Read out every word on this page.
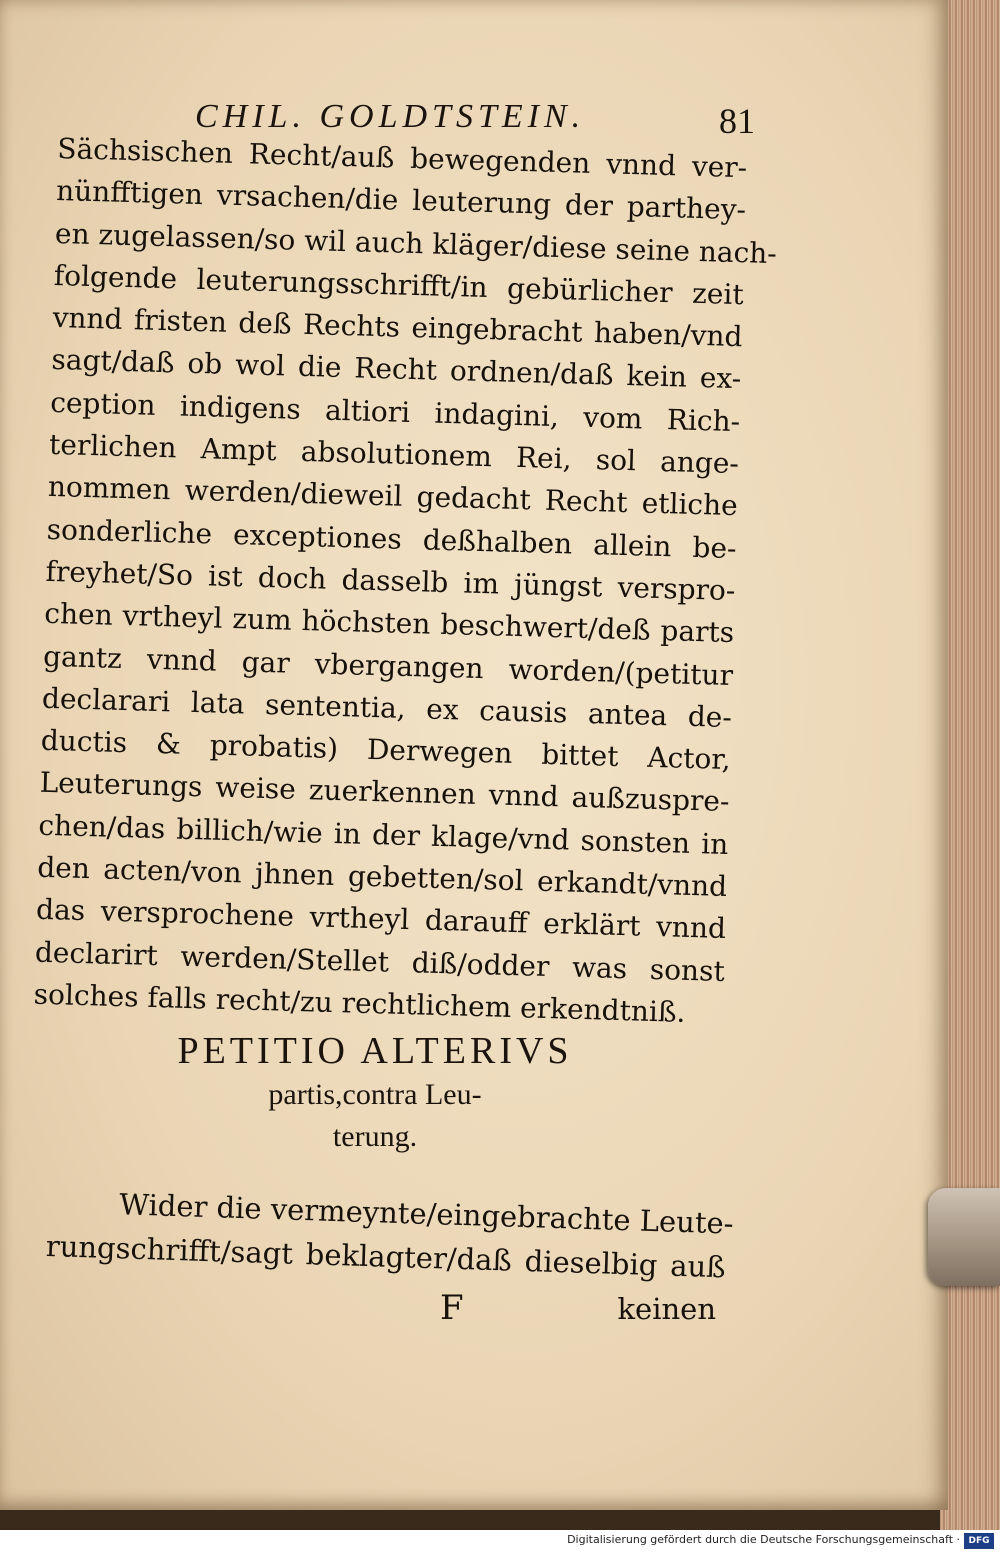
CHIL. GOLDTSTEIN.	81
Sächsischen Recht/auß bewegenden vnnd ver-
nünfftigen vrsachen/die leuterung der parthey-
en zugelassen/so wil auch kläger/diese seine nach-
folgende leuterungsschrifft/in gebürlicher zeit
vnnd fristen deß Rechts eingebracht haben/vnd
sagt/daß ob wol die Recht ordnen/daß kein ex-
ception indigens altiori indagini, vom Rich-
terlichen Ampt absolutionem Rei, sol ange-
nommen werden/dieweil gedacht Recht etliche
sonderliche exceptiones deßhalben allein be-
freyhet/So ist doch dasselb im jüngst verspro-
chen vrtheyl zum höchsten beschwert/deß parts
gantz vnnd gar vbergangen worden/(petitur
declarari lata sententia, ex causis antea de-
ductis & probatis) Derwegen bittet Actor,
Leuterungs weise zuerkennen vnnd außzuspre-
chen/das billich/wie in der klage/vnd sonsten in
den acten/von jhnen gebetten/sol erkandt/vnnd
das versprochene vrtheyl darauff erklärt vnnd
declarirt werden/Stellet diß/odder was sonst
solches falls recht/zu rechtlichem erkendtniß.
PETITIO ALTERIVS
partis,contra Leu-
terung.
Wider die vermeynte/eingebrachte Leute-
rungschrifft/sagt beklagter/daß dieselbig auß
F	keinen
Digitalisierung gefördert durch die Deutsche Forschungsgemeinschaft · DFG
